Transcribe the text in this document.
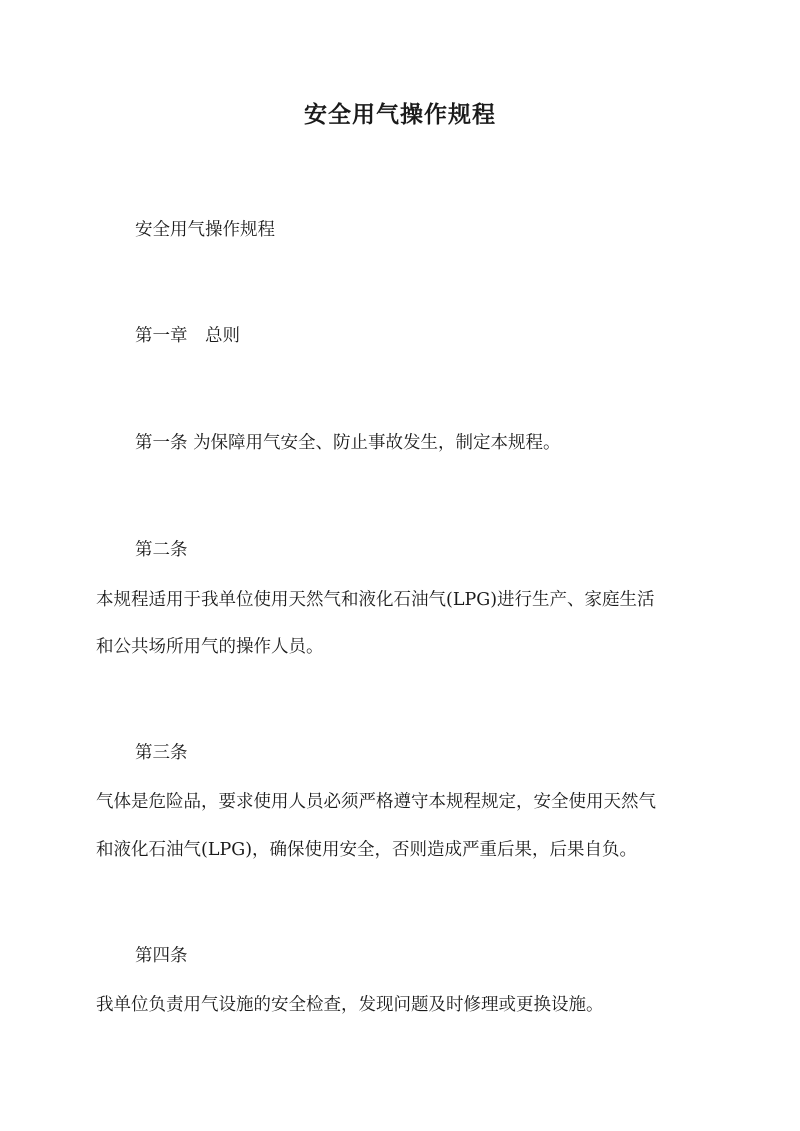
安全用气操作规程

安全用气操作规程

第一章　总则

第一条 为保障用气安全、防止事故发生，制定本规程。

第二条

本规程适用于我单位使用天然气和液化石油气(LPG)进行生产、家庭生活

和公共场所用气的操作人员。

第三条

气体是危险品，要求使用人员必须严格遵守本规程规定，安全使用天然气

和液化石油气(LPG)，确保使用安全，否则造成严重后果，后果自负。

第四条

我单位负责用气设施的安全检查，发现问题及时修理或更换设施。
